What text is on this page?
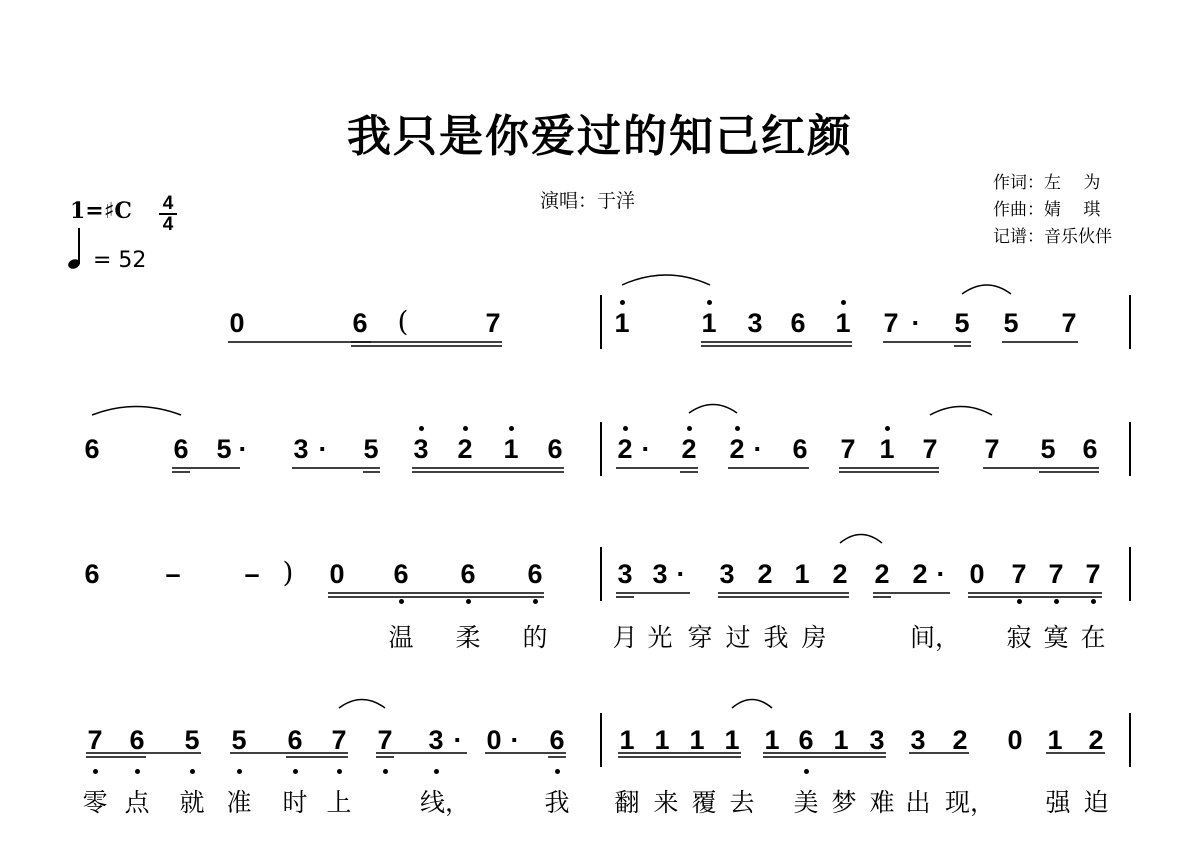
我只是你爱过的知己红颜
演唱：于洋
作词：左　 为
作曲：婧　 琪
记谱：音乐伙伴
1=♯C 4
4
= 52
0	6 (	7	1	1 3 6 1 7 · 5 5 7
6	6 5 · 3 · 5 3 2 1 6 2 · 2 2 · 6 7 1 7 7 5 6
6 – – ) 0 6 6 6	3 3 · 3 2 1 2 2 2 · 0 7 7 7
温 柔 的	月 光 穿 过 我 房	间， 寂 寞 在
7 6 5 5 6 7 7 3 · 0 · 6 1 1 1 1 1 6 1 3 3 2 0 1 2
零 点 就 准 时 上	线，	我 翻 来 覆 去 美 梦 难 出 现， 强 迫
